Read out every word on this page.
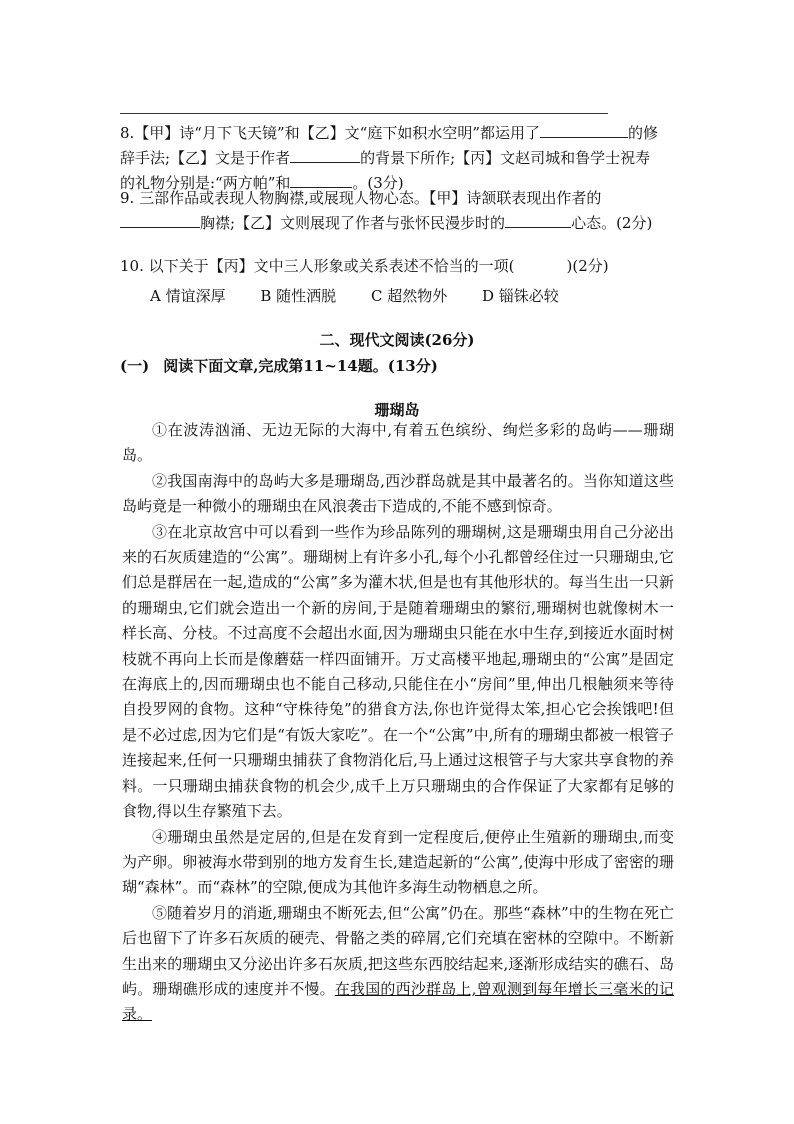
8.【甲】诗“月下飞天镜”和【乙】文“庭下如积水空明”都运用了	的修辞手法;【乙】文是于作者	的背景下所作;【丙】文赵司城和鲁学士祝寿的礼物分别是:“两方帕”和	。(3分)
9. 三部作品或表现人物胸襟,或展现人物心态。【甲】诗颔联表现出作者的胸襟;【乙】文则展现了作者与张怀民漫步时的	心态。(2分)
10. 以下关于【丙】文中三人形象或关系表述不恰当的一项(	)(2分)
A 情谊深厚 B 随性洒脱 C 超然物外 D 锱铢必较
二、现代文阅读(26分)
(一) 阅读下面文章,完成第11~14题。(13分)
珊瑚岛

①在波涛汹涌、无边无际的大海中,有着五色缤纷、绚烂多彩的岛屿——珊瑚岛。

②我国南海中的岛屿大多是珊瑚岛,西沙群岛就是其中最著名的。当你知道这些岛屿竟是一种微小的珊瑚虫在风浪袭击下造成的,不能不感到惊奇。

③在北京故宫中可以看到一些作为珍品陈列的珊瑚树,这是珊瑚虫用自己分泌出来的石灰质建造的“公寓”。珊瑚树上有许多小孔,每个小孔都曾经住过一只珊瑚虫,它们总是群居在一起,造成的“公寓”多为灌木状,但是也有其他形状的。每当生出一只新的珊瑚虫,它们就会造出一个新的房间,于是随着珊瑚虫的繁衍,珊瑚树也就像树木一样长高、分枝。不过高度不会超出水面,因为珊瑚虫只能在水中生存,到接近水面时树枝就不再向上长而是像蘑菇一样四面铺开。万丈高楼平地起,珊瑚虫的“公寓”是固定在海底上的,因而珊瑚虫也不能自己移动,只能住在小“房间”里,伸出几根触须来等待自投罗网的食物。这种“守株待兔”的猎食方法,你也许觉得太笨,担心它会挨饿吧!但是不必过虑,因为它们是“有饭大家吃”。在一个“公寓”中,所有的珊瑚虫都被一根管子连接起来,任何一只珊瑚虫捕获了食物消化后,马上通过这根管子与大家共享食物的养料。一只珊瑚虫捕获食物的机会少,成千上万只珊瑚虫的合作保证了大家都有足够的食物,得以生存繁殖下去。

④珊瑚虫虽然是定居的,但是在发育到一定程度后,便停止生殖新的珊瑚虫,而变为产卵。卵被海水带到别的地方发育生长,建造起新的“公寓”,使海中形成了密密的珊瑚“森林”。而“森林”的空隙,便成为其他许多海生动物栖息之所。

⑤随着岁月的消逝,珊瑚虫不断死去,但“公寓”仍在。那些“森林”中的生物在死亡后也留下了许多石灰质的硬壳、骨骼之类的碎屑,它们充填在密林的空隙中。不断新生出来的珊瑚虫又分泌出许多石灰质,把这些东西胶结起来,逐渐形成结实的礁石、岛屿。珊瑚礁形成的速度并不慢。在我国的西沙群岛上,曾观测到每年增长三毫米的记录。
